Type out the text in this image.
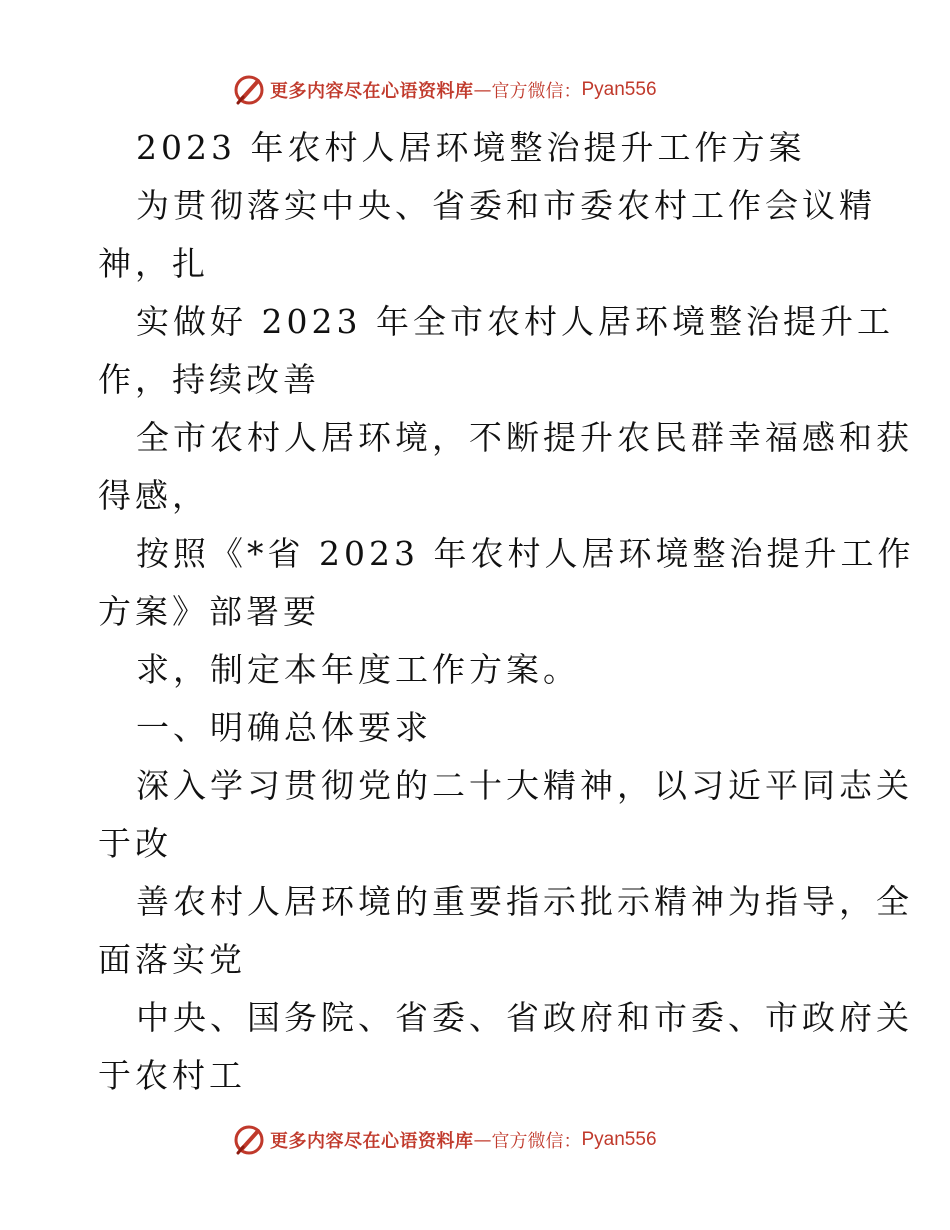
更多内容尽在心语资料库 — 官方微信： Pyan556
2023 年农村人居环境整治提升工作方案
为贯彻落实中央、省委和市委农村工作会议精
神，扎
实做好 2023 年全市农村人居环境整治提升工
作，持续改善
全市农村人居环境，不断提升农民群幸福感和获
得感，
按照《*省 2023 年农村人居环境整治提升工作
方案》部署要
求，制定本年度工作方案。
一、明确总体要求
深入学习贯彻党的二十大精神，以习近平同志关
于改
善农村人居环境的重要指示批示精神为指导，全
面落实党
中央、国务院、省委、省政府和市委、市政府关
于农村工
更多内容尽在心语资料库 — 官方微信： Pyan556
